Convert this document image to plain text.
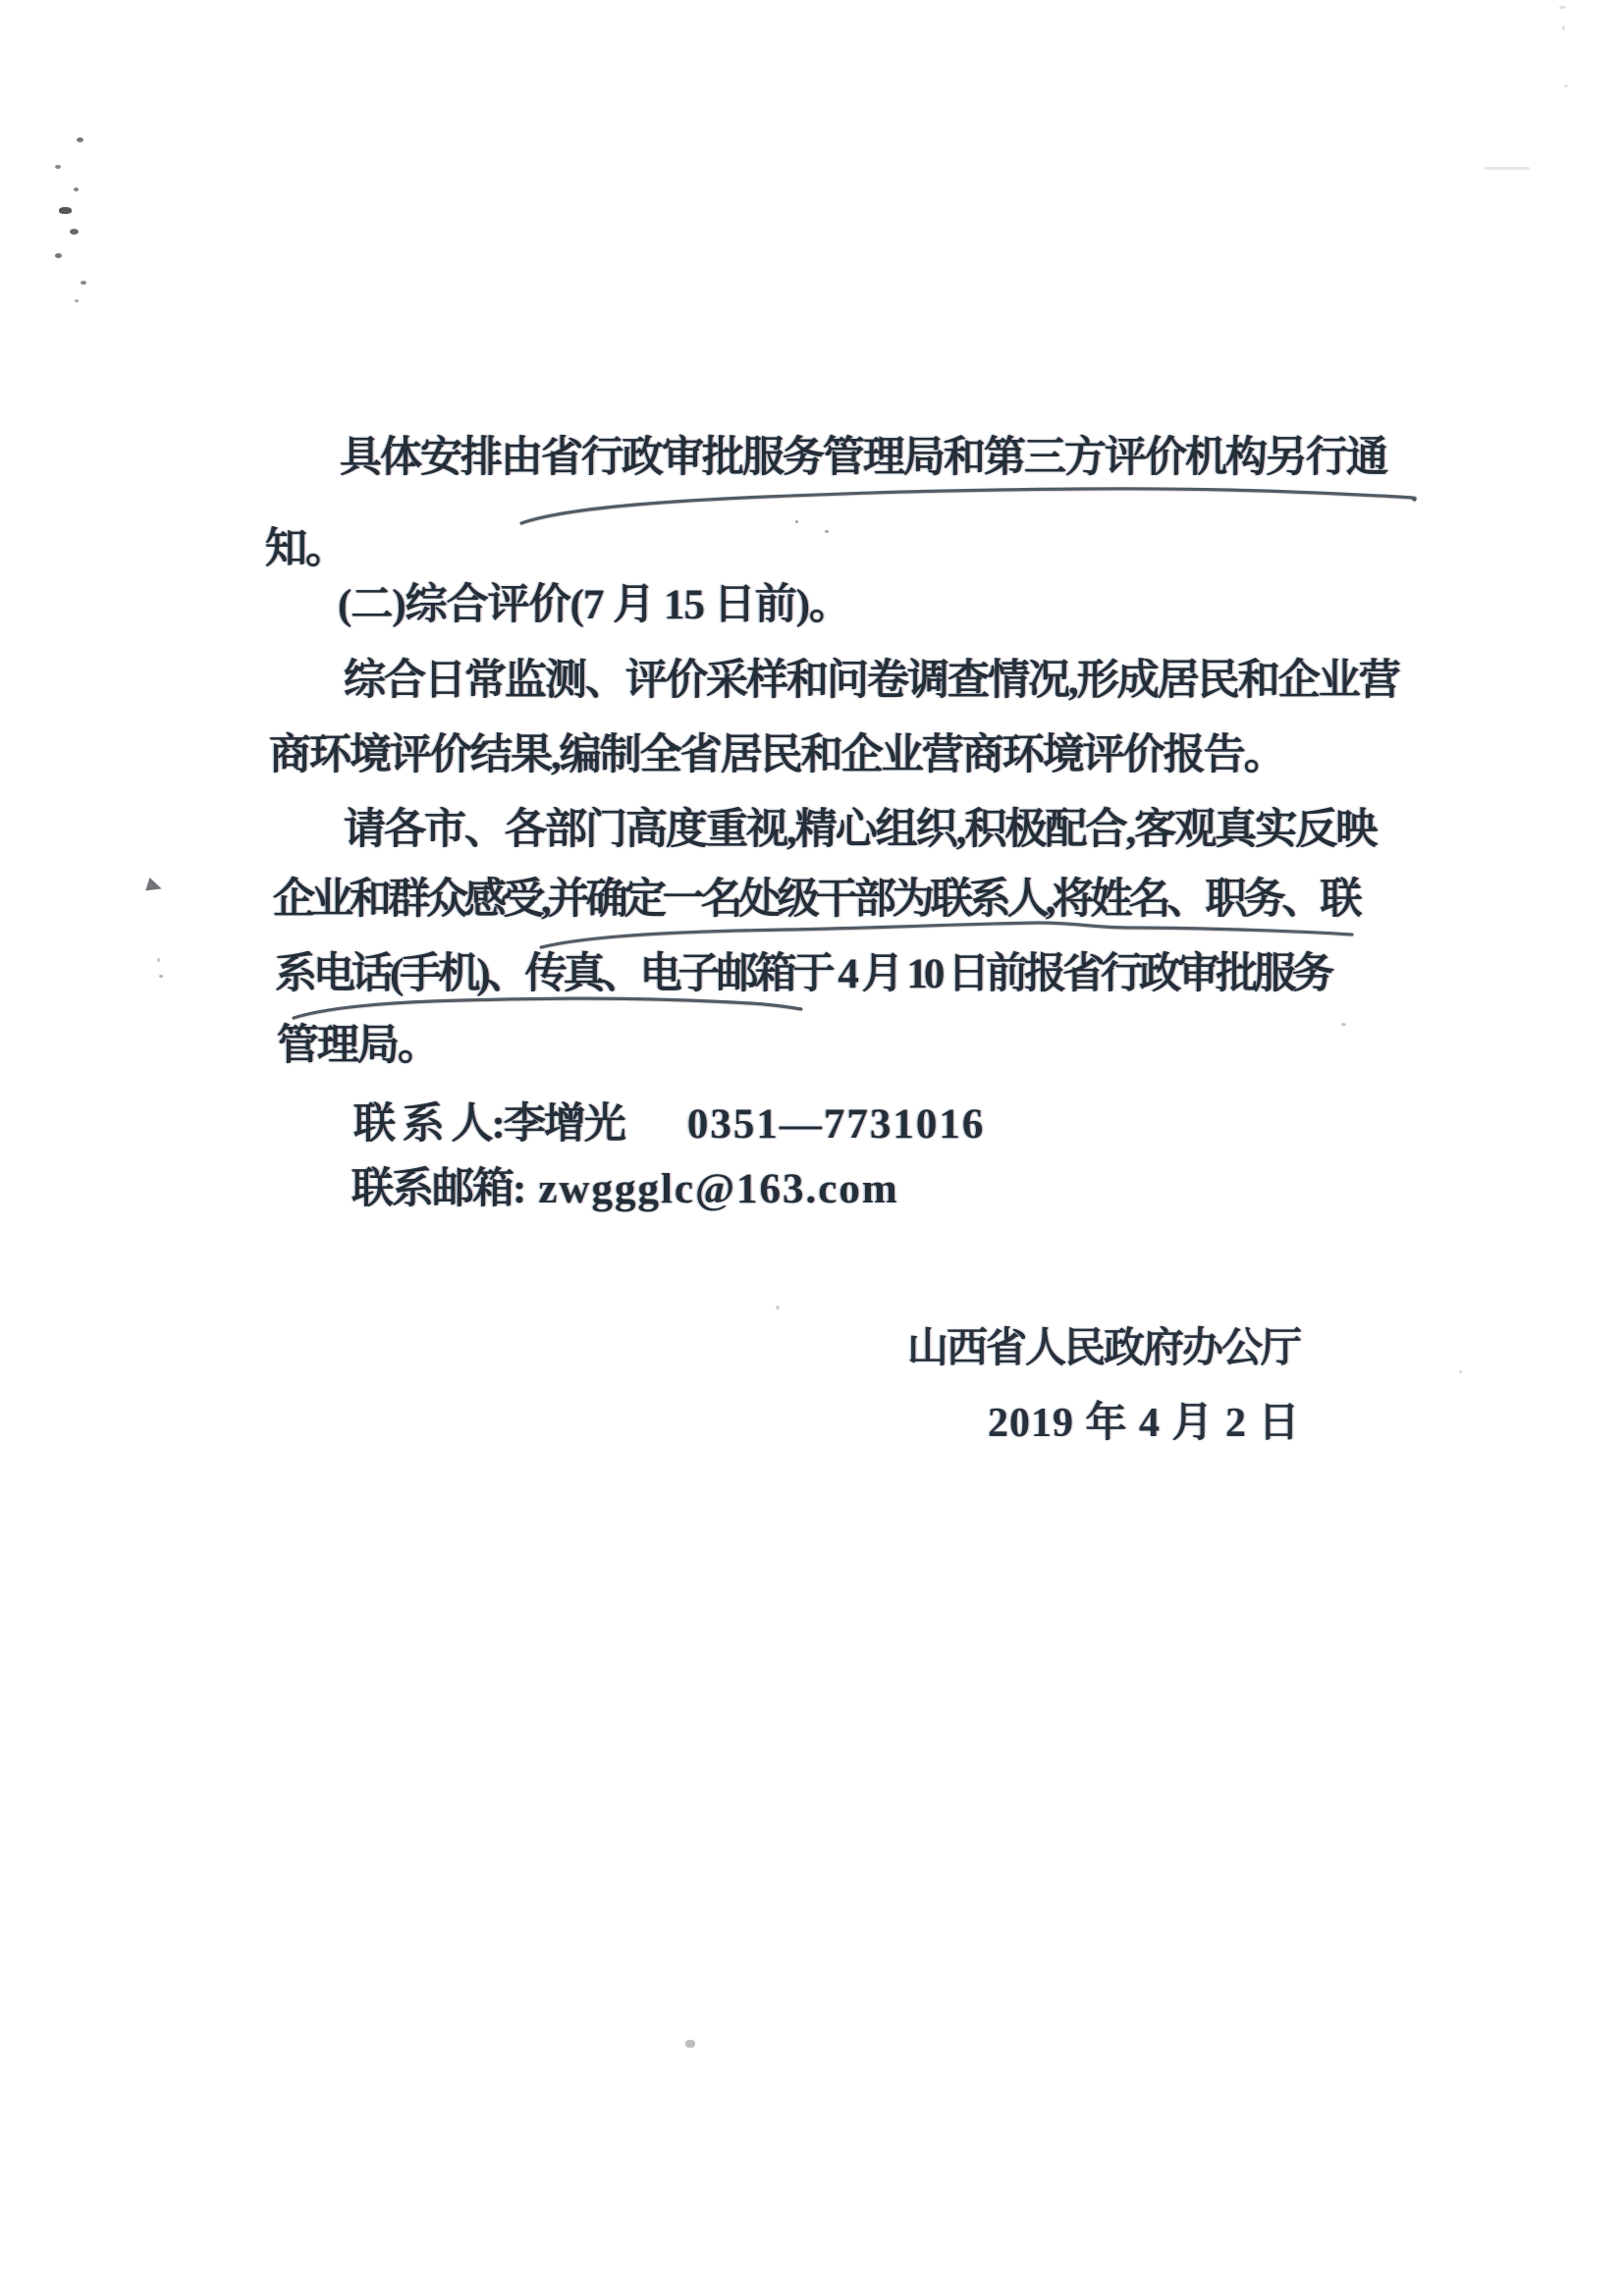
具体安排由省行政审批服务管理局和第三方评价机构另行通
知。
(二)综合评价(7 月 15 日前)。
综合日常监测、评价采样和问卷调查情况,形成居民和企业营
商环境评价结果,编制全省居民和企业营商环境评价报告。
请各市、各部门高度重视,精心组织,积极配合,客观真实反映
企业和群众感受,并确定一名处级干部为联系人,将姓名、职务、联
系电话(手机)、传真、电子邮箱于 4 月 10 日前报省行政审批服务
管理局。
联 系 人:李增光 0351—7731016
联系邮箱: zwggglc@163.com
山西省人民政府办公厅
2019 年 4 月 2 日
